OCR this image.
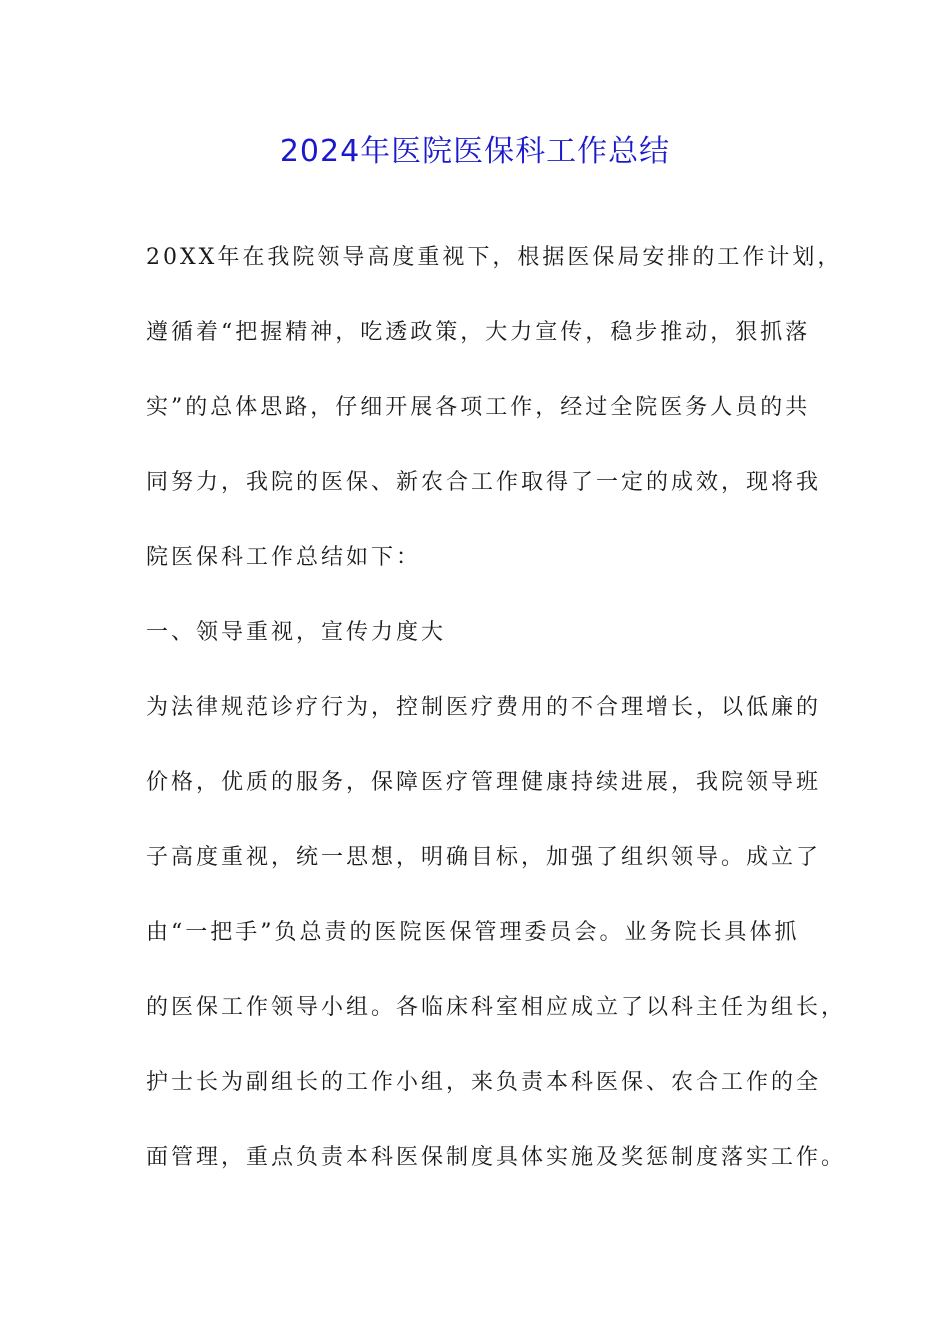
2024年医院医保科工作总结
20XX年在我院领导高度重视下，根据医保局安排的工作计划，
遵循着“把握精神，吃透政策，大力宣传，稳步推动，狠抓落
实”的总体思路，仔细开展各项工作，经过全院医务人员的共
同努力，我院的医保、新农合工作取得了一定的成效，现将我
院医保科工作总结如下：
一、领导重视，宣传力度大
为法律规范诊疗行为，控制医疗费用的不合理增长，以低廉的
价格，优质的服务，保障医疗管理健康持续进展，我院领导班
子高度重视，统一思想，明确目标，加强了组织领导。成立了
由“一把手”负总责的医院医保管理委员会。业务院长具体抓
的医保工作领导小组。各临床科室相应成立了以科主任为组长，
护士长为副组长的工作小组，来负责本科医保、农合工作的全
面管理，重点负责本科医保制度具体实施及奖惩制度落实工作。
